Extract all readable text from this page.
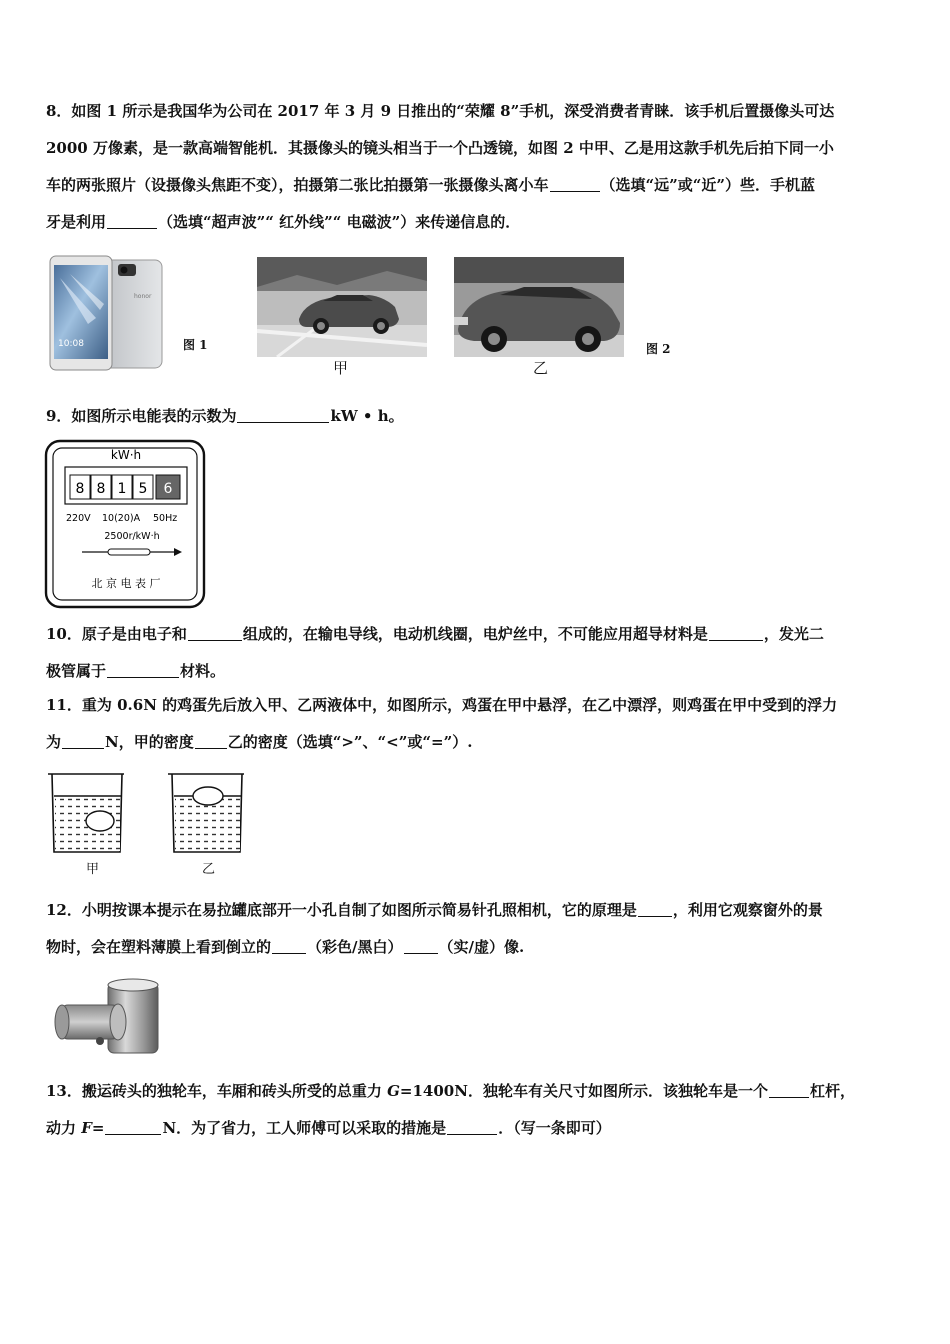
8．如图 1 所示是我国华为公司在 2017 年 3 月 9 日推出的“荣耀 8”手机，深受消费者青睐．该手机后置摄像头可达
2000 万像素，是一款高端智能机．其摄像头的镜头相当于一个凸透镜，如图 2 中甲、乙是用这款手机先后拍下同一小
车的两张照片（设摄像头焦距不变），拍摄第二张比拍摄第一张摄像头离小车	（选填“远”或“近”）些．手机蓝
牙是利用	（选填“超声波”“ 红外线”“ 电磁波”）来传递信息的．
10:08
honor
图 1
甲	乙
图 2
9．如图所示电能表的示数为	kW • h。
kW·h
8 8 1 5 6
220V 10(20)A 50Hz
2500r/kW·h
北 京 电 表 厂
10．原子是由电子和	组成的，在输电导线，电动机线圈，电炉丝中，不可能应用超导材料是	，发光二
极管属于	材料。
11．重为 0.6N 的鸡蛋先后放入甲、乙两液体中，如图所示，鸡蛋在甲中悬浮，在乙中漂浮，则鸡蛋在甲中受到的浮力
为	N，甲的密度 乙的密度（选填“>”、“<”或“=”）.
甲	乙
12．小明按课本提示在易拉罐底部开一小孔自制了如图所示简易针孔照相机，它的原理是 ，利用它观察窗外的景
物时，会在塑料薄膜上看到倒立的 （彩色/黑白） （实/虚）像.
13．搬运砖头的独轮车，车厢和砖头所受的总重力 G=1400N．独轮车有关尺寸如图所示．该独轮车是一个	杠杆，
动力 F=	N．为了省力，工人师傅可以采取的措施是	．（写一条即可）
